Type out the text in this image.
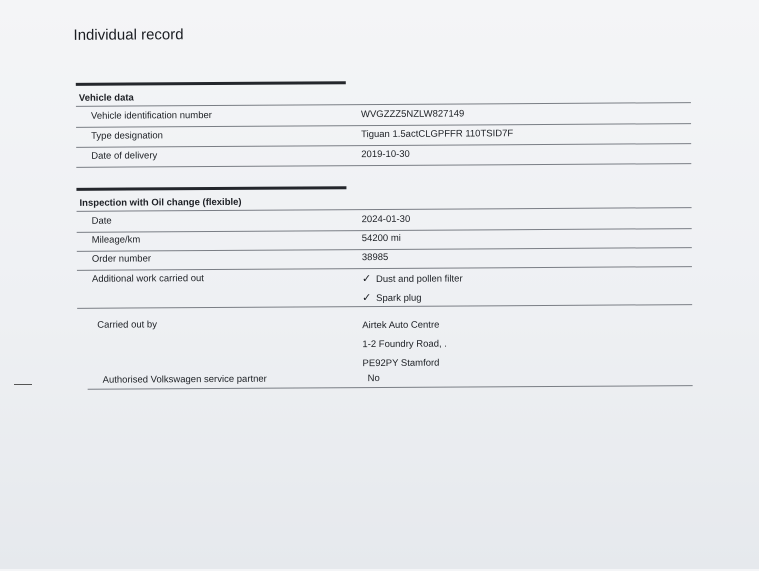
Individual record
Vehicle data
Vehicle identification number	WVGZZZ5NZLW827149
Type designation	Tiguan 1.5actCLGPFFR 110TSID7F
Date of delivery	2019-10-30
Inspection with Oil change (flexible)
Date	2024-01-30
Mileage/km	54200 mi
Order number	38985
Additional work carried out	✓ Dust and pollen filter
✓ Spark plug
Carried out by	Airtek Auto Centre
1-2 Foundry Road, .
PE92PY Stamford
Authorised Volkswagen service partner	No
